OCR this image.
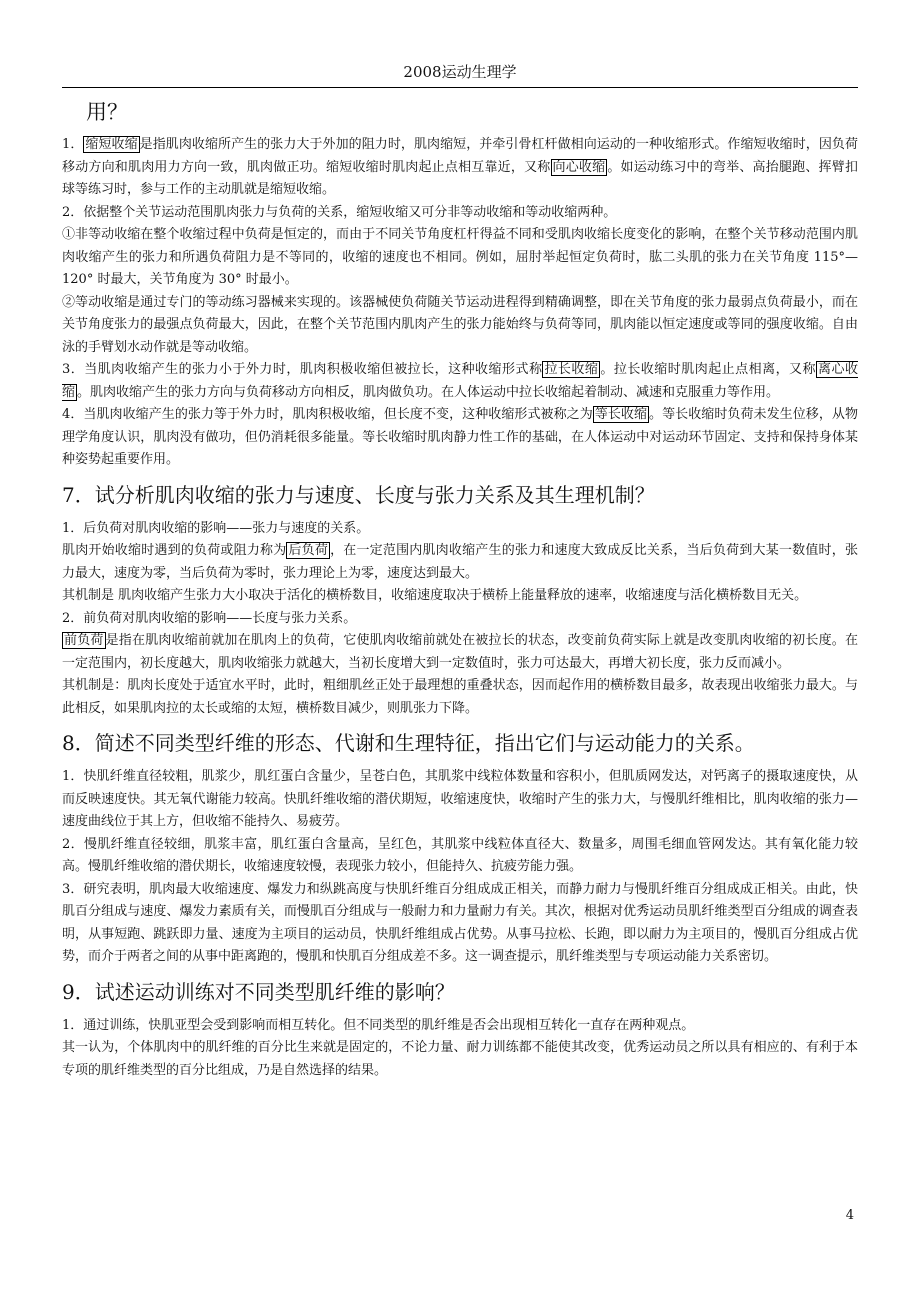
2008运动生理学

用？

1． 缩短收缩 是指肌肉收缩所产生的张力大于外加的阻力时，肌肉缩短，并牵引骨杠杆做相向运动的一种收缩形式。作缩短收缩时，因负荷移动方向和肌肉用力方向一致，肌肉做正功。缩短收缩时肌肉起止点相互靠近，又称 向心收缩 。如运动练习中的弯举、高抬腿跑、挥臂扣球等练习时，参与工作的主动肌就是缩短收缩。

2．依据整个关节运动范围肌肉张力与负荷的关系，缩短收缩又可分非等动收缩和等动收缩两种。

①非等动收缩在整个收缩过程中负荷是恒定的，而由于不同关节角度杠杆得益不同和受肌肉收缩长度变化的影响，在整个关节移动范围内肌肉收缩产生的张力和所遇负荷阻力是不等同的，收缩的速度也不相同。例如，屈肘举起恒定负荷时，肱二头肌的张力在关节角度 115°—120° 时最大，关节角度为 30° 时最小。

②等动收缩是通过专门的等动练习器械来实现的。该器械使负荷随关节运动进程得到精确调整，即在关节角度的张力最弱点负荷最小，而在关节角度张力的最强点负荷最大，因此，在整个关节范围内肌肉产生的张力能始终与负荷等同，肌肉能以恒定速度或等同的强度收缩。自由泳的手臂划水动作就是等动收缩。

3．当肌肉收缩产生的张力小于外力时，肌肉积极收缩但被拉长，这种收缩形式称 拉长收缩 。拉长收缩时肌肉起止点相离，又称 离心收缩 。肌肉收缩产生的张力方向与负荷移动方向相反，肌肉做负功。在人体运动中拉长收缩起着制动、减速和克服重力等作用。

4．当肌肉收缩产生的张力等于外力时，肌肉积极收缩，但长度不变，这种收缩形式被称之为 等长收缩 。等长收缩时负荷未发生位移，从物理学角度认识，肌肉没有做功，但仍消耗很多能量。等长收缩时肌肉静力性工作的基础，在人体运动中对运动环节固定、支持和保持身体某种姿势起重要作用。

7．试分析肌肉收缩的张力与速度、长度与张力关系及其生理机制？

1．后负荷对肌肉收缩的影响——张力与速度的关系。

肌肉开始收缩时遇到的负荷或阻力称为 后负荷 ，在一定范围内肌肉收缩产生的张力和速度大致成反比关系，当后负荷到大某一数值时，张力最大，速度为零，当后负荷为零时，张力理论上为零，速度达到最大。

其机制是 肌肉收缩产生张力大小取决于活化的横桥数目，收缩速度取决于横桥上能量释放的速率，收缩速度与活化横桥数目无关。

2．前负荷对肌肉收缩的影响——长度与张力关系。

前负荷 是指在肌肉收缩前就加在肌肉上的负荷，它使肌肉收缩前就处在被拉长的状态，改变前负荷实际上就是改变肌肉收缩的初长度。在一定范围内，初长度越大，肌肉收缩张力就越大，当初长度增大到一定数值时，张力可达最大，再增大初长度，张力反而减小。

其机制是：肌肉长度处于适宜水平时，此时，粗细肌丝正处于最理想的重叠状态，因而起作用的横桥数目最多，故表现出收缩张力最大。与此相反，如果肌肉拉的太长或缩的太短，横桥数目减少，则肌张力下降。

8．简述不同类型纤维的形态、代谢和生理特征，指出它们与运动能力的关系。

1．快肌纤维直径较粗，肌浆少，肌红蛋白含量少，呈苍白色，其肌浆中线粒体数量和容积小，但肌质网发达，对钙离子的摄取速度快，从而反映速度快。其无氧代谢能力较高。快肌纤维收缩的潜伏期短，收缩速度快，收缩时产生的张力大，与慢肌纤维相比，肌肉收缩的张力—速度曲线位于其上方，但收缩不能持久、易疲劳。

2．慢肌纤维直径较细，肌浆丰富，肌红蛋白含量高，呈红色，其肌浆中线粒体直径大、数量多，周围毛细血管网发达。其有氧化能力较高。慢肌纤维收缩的潜伏期长，收缩速度较慢，表现张力较小，但能持久、抗疲劳能力强。

3．研究表明，肌肉最大收缩速度、爆发力和纵跳高度与快肌纤维百分组成成正相关，而静力耐力与慢肌纤维百分组成成正相关。由此，快肌百分组成与速度、爆发力素质有关，而慢肌百分组成与一般耐力和力量耐力有关。其次，根据对优秀运动员肌纤维类型百分组成的调查表明，从事短跑、跳跃即力量、速度为主项目的运动员，快肌纤维组成占优势。从事马拉松、长跑，即以耐力为主项目的，慢肌百分组成占优势，而介于两者之间的从事中距离跑的，慢肌和快肌百分组成差不多。这一调查提示，肌纤维类型与专项运动能力关系密切。

9．试述运动训练对不同类型肌纤维的影响？

1．通过训练，快肌亚型会受到影响而相互转化。但不同类型的肌纤维是否会出现相互转化一直存在两种观点。

其一认为，个体肌肉中的肌纤维的百分比生来就是固定的，不论力量、耐力训练都不能使其改变，优秀运动员之所以具有相应的、有利于本专项的肌纤维类型的百分比组成，乃是自然选择的结果。

4
